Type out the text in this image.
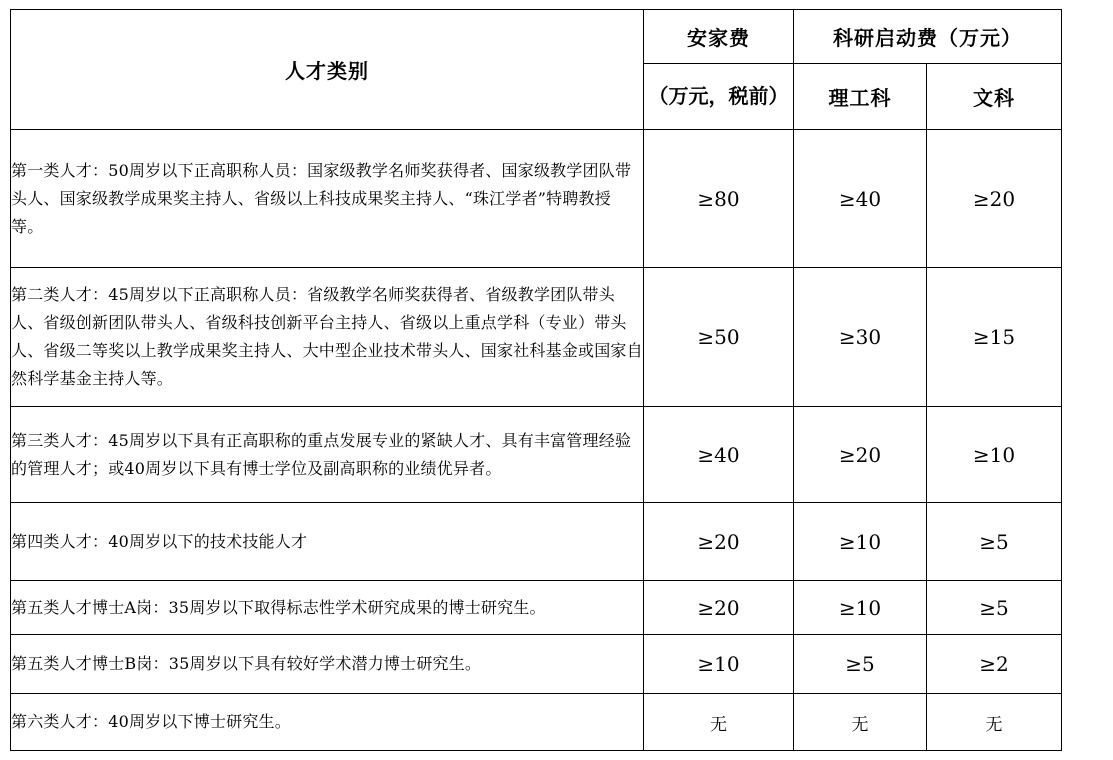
人才类别	安家费	科研启动费（万元）	
	（万元，税前）	理工科	文科
第一类人才：50周岁以下正高职称人员：国家级教学名师奖获得者、国家级教学团队带头人、国家级教学成果奖主持人、省级以上科技成果奖主持人、“珠江学者”特聘教授等。	≥80	≥40	≥20
第二类人才：45周岁以下正高职称人员：省级教学名师奖获得者、省级教学团队带头人、省级创新团队带头人、省级科技创新平台主持人、省级以上重点学科（专业）带头人、省级二等奖以上教学成果奖主持人、大中型企业技术带头人、国家社科基金或国家自然科学基金主持人等。	≥50	≥30	≥15
第三类人才：45周岁以下具有正高职称的重点发展专业的紧缺人才、具有丰富管理经验的管理人才；或40周岁以下具有博士学位及副高职称的业绩优异者。	≥40	≥20	≥10
第四类人才：40周岁以下的技术技能人才	≥20	≥10	≥5
第五类人才博士A岗：35周岁以下取得标志性学术研究成果的博士研究生。	≥20	≥10	≥5
第五类人才博士B岗：35周岁以下具有较好学术潜力博士研究生。	≥10	≥5	≥2
第六类人才：40周岁以下博士研究生。	无	无	无
